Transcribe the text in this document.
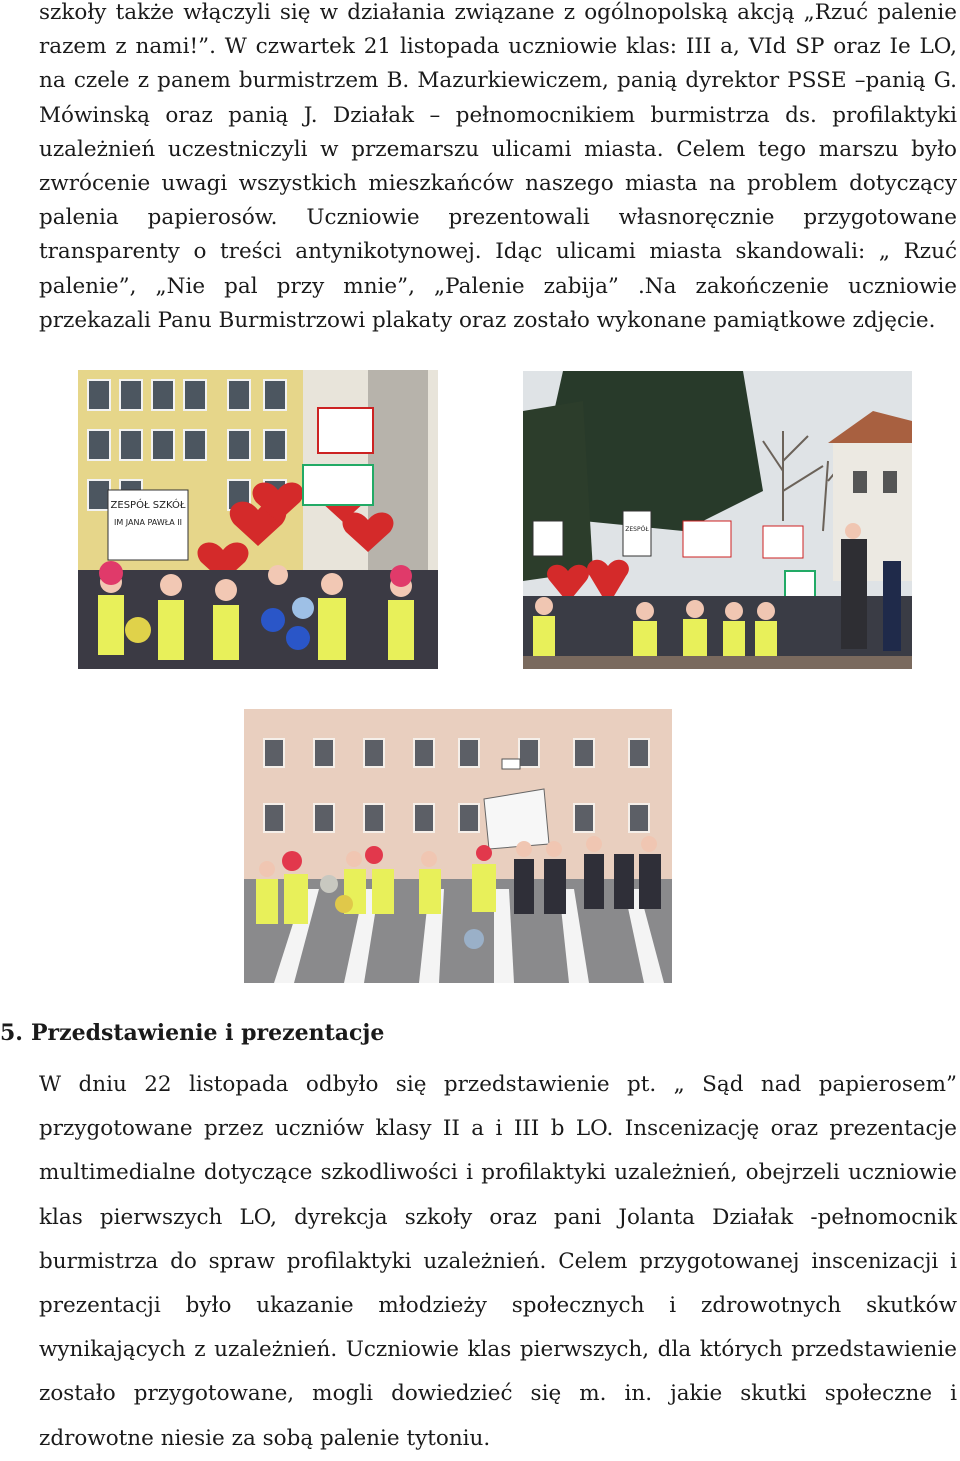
szkoły także włączyli się w działania związane z ogólnopolską akcją „Rzuć palenie razem z nami!”. W czwartek 21 listopada uczniowie klas: III a, VId SP oraz Ie LO, na czele z panem burmistrzem B. Mazurkiewiczem, panią dyrektor PSSE –panią G. Mówinską oraz panią J. Działak – pełnomocnikiem burmistrza ds. profilaktyki uzależnień uczestniczyli w przemarszu ulicami miasta. Celem tego marszu było zwrócenie uwagi wszystkich mieszkańców naszego miasta na problem dotyczący palenia papierosów. Uczniowie prezentowali własnoręcznie przygotowane transparenty o treści antynikotynowej. Idąc ulicami miasta skandowali: „ Rzuć palenie”, „Nie pal przy mnie”, „Palenie zabija” .Na zakończenie uczniowie przekazali Panu Burmistrzowi plakaty oraz zostało wykonane pamiątkowe zdjęcie.

ZESPÓŁ SZKÓŁ
IM JANA PAWŁA II
ZESPÓŁ
5. Przedstawienie i prezentacje

W dniu 22 listopada odbyło się przedstawienie pt. „ Sąd nad papierosem” przygotowane przez uczniów klasy II a i III b LO. Inscenizację oraz prezentacje multimedialne dotyczące szkodliwości i profilaktyki uzależnień, obejrzeli uczniowie klas pierwszych LO, dyrekcja szkoły oraz pani Jolanta Działak -pełnomocnik burmistrza do spraw profilaktyki uzależnień. Celem przygotowanej inscenizacji i prezentacji było ukazanie młodzieży społecznych i zdrowotnych skutków wynikających z uzależnień. Uczniowie klas pierwszych, dla których przedstawienie zostało przygotowane, mogli dowiedzieć się m. in. jakie skutki społeczne i zdrowotne niesie za sobą palenie tytoniu.
